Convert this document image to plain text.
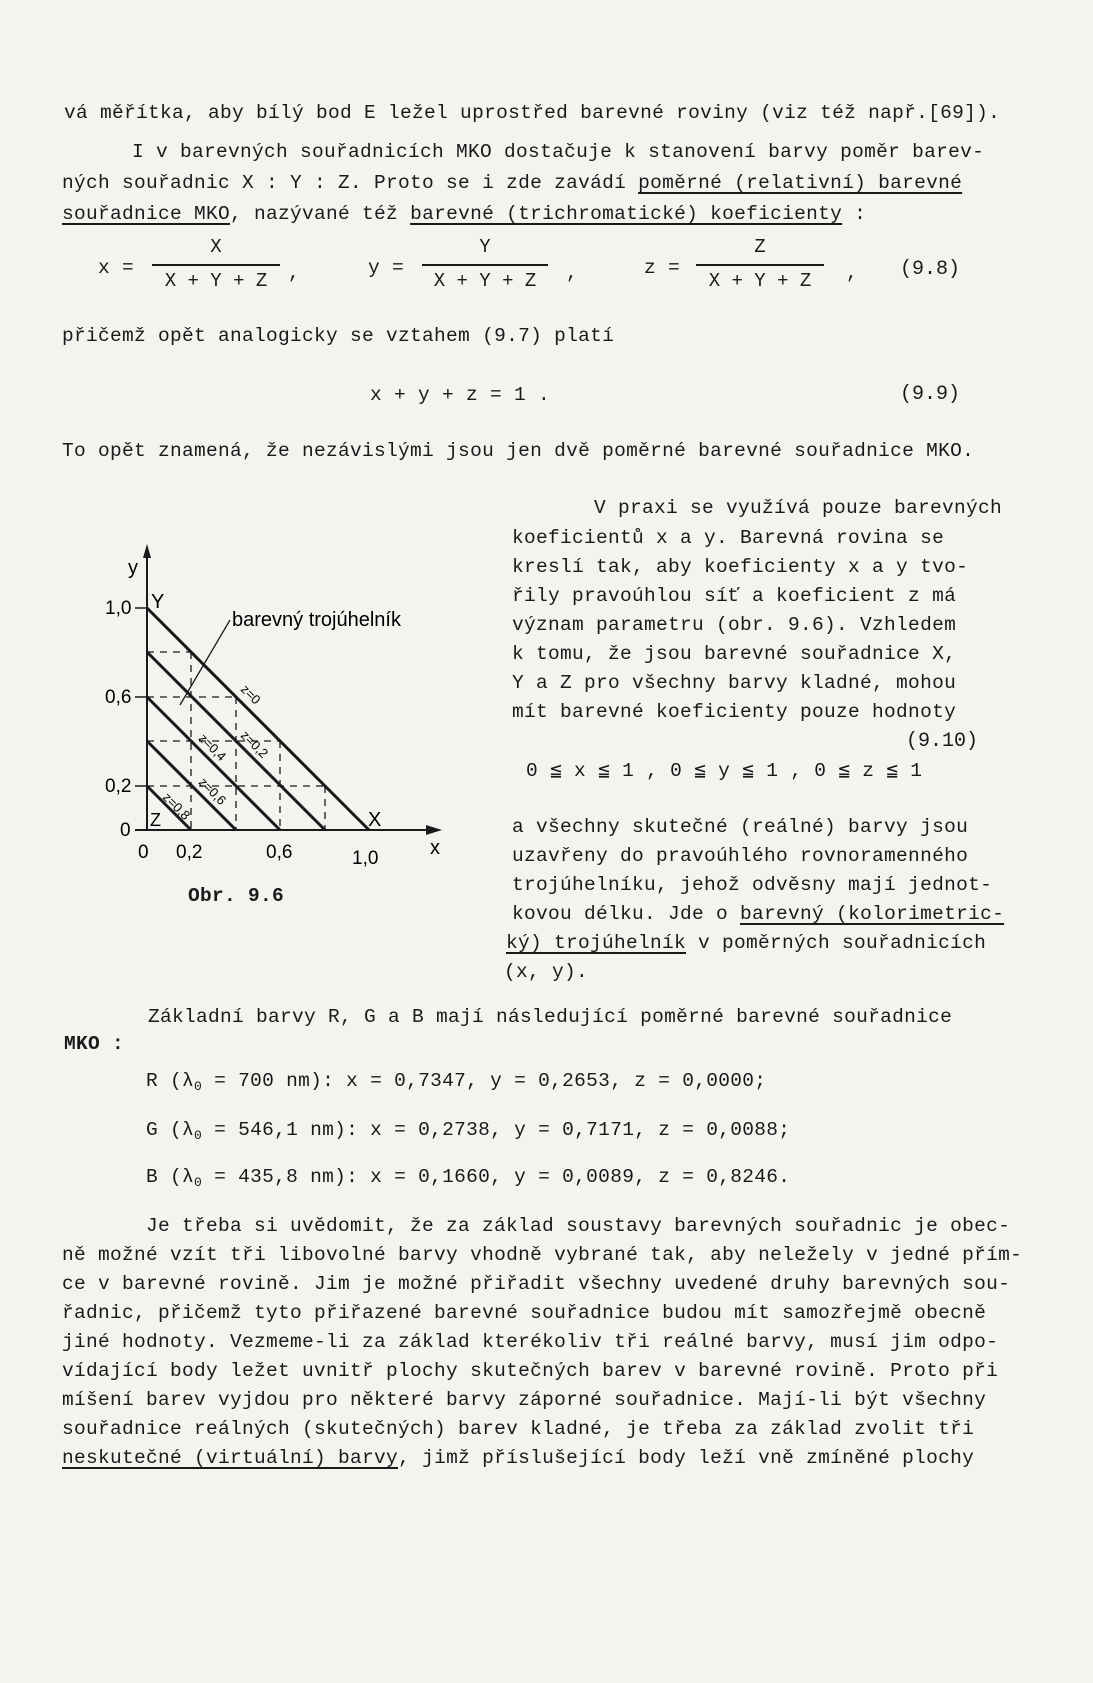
vá měřítka, aby bílý bod E ležel uprostřed barevné roviny (viz též např.[69]).
I v barevných souřadnicích MKO dostačuje k stanovení barvy poměr barev-
ných souřadnic X : Y : Z. Proto se i zde zavádí poměrné (relativní) barevné
souřadnice MKO, nazývané též barevné (trichromatické) koeficienty :
x =
X
X + Y + Z	,	y =
Y
X + Y + Z	,	z =
Z
X + Y + Z	, (9.8)
přičemž opět analogicky se vztahem (9.7) platí
x + y + z = 1 .	(9.9)
To opět znamená, že nezávislými jsou jen dvě poměrné barevné souřadnice MKO.
V praxi se využívá pouze barevných
koeficientů x a y. Barevná rovina se
kreslí tak, aby koeficienty x a y tvo-
řily pravoúhlou síť a koeficient z má
význam parametru (obr. 9.6). Vzhledem
k tomu, že jsou barevné souřadnice X,
Y a Z pro všechny barvy kladné, mohou
mít barevné koeficienty pouze hodnoty
(9.10)
0 ≦ x ≦ 1 , 0 ≦ y ≦ 1 , 0 ≦ z ≦ 1
a všechny skutečné (reálné) barvy jsou
uzavřeny do pravoúhlého rovnoramenného
trojúhelníku, jehož odvěsny mají jednot-
kovou délku. Jde o barevný (kolorimetric-
ký) trojúhelník v poměrných souřadnicích
(x, y).
y
x
Y
X
Z
barevný trojúhelník
1,0
0,6
0,2
0
0 0,2	0,6	1,0
z=0
z=0,2
z=0,4
z=0,6
z=0,8
Obr. 9.6
Základní barvy R, G a B mají následující poměrné barevné souřadnice
MKO :
R ($\lambda_0 = 700$ nm): x = 0,7347, y = 0,2653, z = 0,0000;
G ($\lambda_0 = 546,1$ nm): x = 0,2738, y = 0,7171, z = 0,0088;
B ($\lambda_0 = 435,8$ nm): x = 0,1660, y = 0,0089, z = 0,8246.
Je třeba si uvědomit, že za základ soustavy barevných souřadnic je obec-
ně možné vzít tři libovolné barvy vhodně vybrané tak, aby neležely v jedné přím-
ce v barevné rovině. Jim je možné přiřadit všechny uvedené druhy barevných sou-
řadnic, přičemž tyto přiřazené barevné souřadnice budou mít samozřejmě obecně
jiné hodnoty. Vezmeme-li za základ kterékoliv tři reálné barvy, musí jim odpo-
vídající body ležet uvnitř plochy skutečných barev v barevné rovině. Proto při
míšení barev vyjdou pro některé barvy záporné souřadnice. Mají-li být všechny
souřadnice reálných (skutečných) barev kladné, je třeba za základ zvolit tři
neskutečné (virtuální) barvy, jimž příslušející body leží vně zmíněné plochy
